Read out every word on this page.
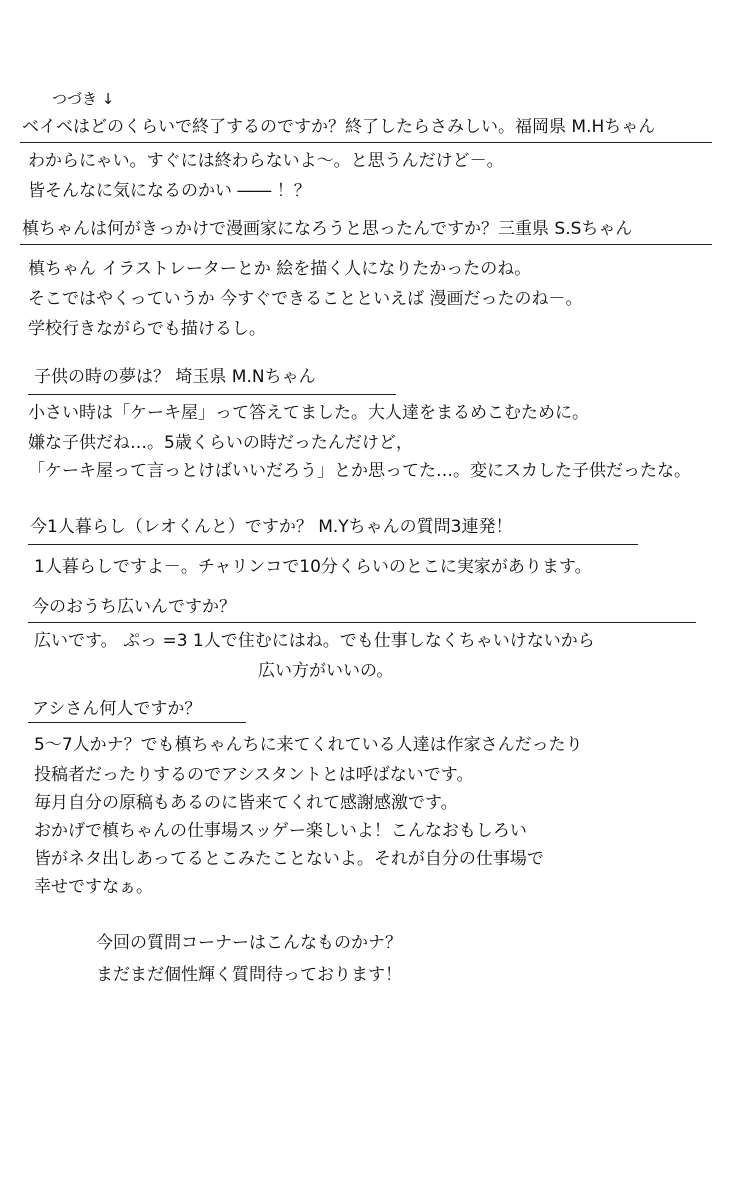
つづき ↓
ベイベはどのくらいで終了するのですか？終了したらさみしい。福岡県 M.Hちゃん
わからにゃい。すぐには終わらないよ～。と思うんだけど－。
皆そんなに気になるのかい ―― ！？
槙ちゃんは何がきっかけで漫画家になろうと思ったんですか？三重県 S.Sちゃん
槙ちゃん イラストレーターとか 絵を描く人になりたかったのね。
そこではやくっていうか 今すぐできることといえば 漫画だったのね－。
学校行きながらでも描けるし。
子供の時の夢は？ 埼玉県 M.Nちゃん
小さい時は「ケーキ屋」って答えてました。大人達をまるめこむために。
嫌な子供だね…。5歳くらいの時だったんだけど，
「ケーキ屋って言っとけばいいだろう」とか思ってた…。変にスカした子供だったな。
今1人暮らし（レオくんと）ですか？ M.Yちゃんの質問3連発！
1人暮らしですよ－。チャリンコで10分くらいのとこに実家があります。
今のおうち広いんですか？
広いです。 ぷっ =3 1人で住むにはね。でも仕事しなくちゃいけないから
広い方がいいの。
アシさん何人ですか？
5～7人かナ？でも槙ちゃんちに来てくれている人達は作家さんだったり
投稿者だったりするのでアシスタントとは呼ばないです。
毎月自分の原稿もあるのに皆来てくれて感謝感激です。
おかげで槙ちゃんの仕事場スッゲー楽しいよ！こんなおもしろい
皆がネタ出しあってるとこみたことないよ。それが自分の仕事場で
幸せですなぁ。
今回の質問コーナーはこんなものかナ？
まだまだ個性輝く質問待っております！
